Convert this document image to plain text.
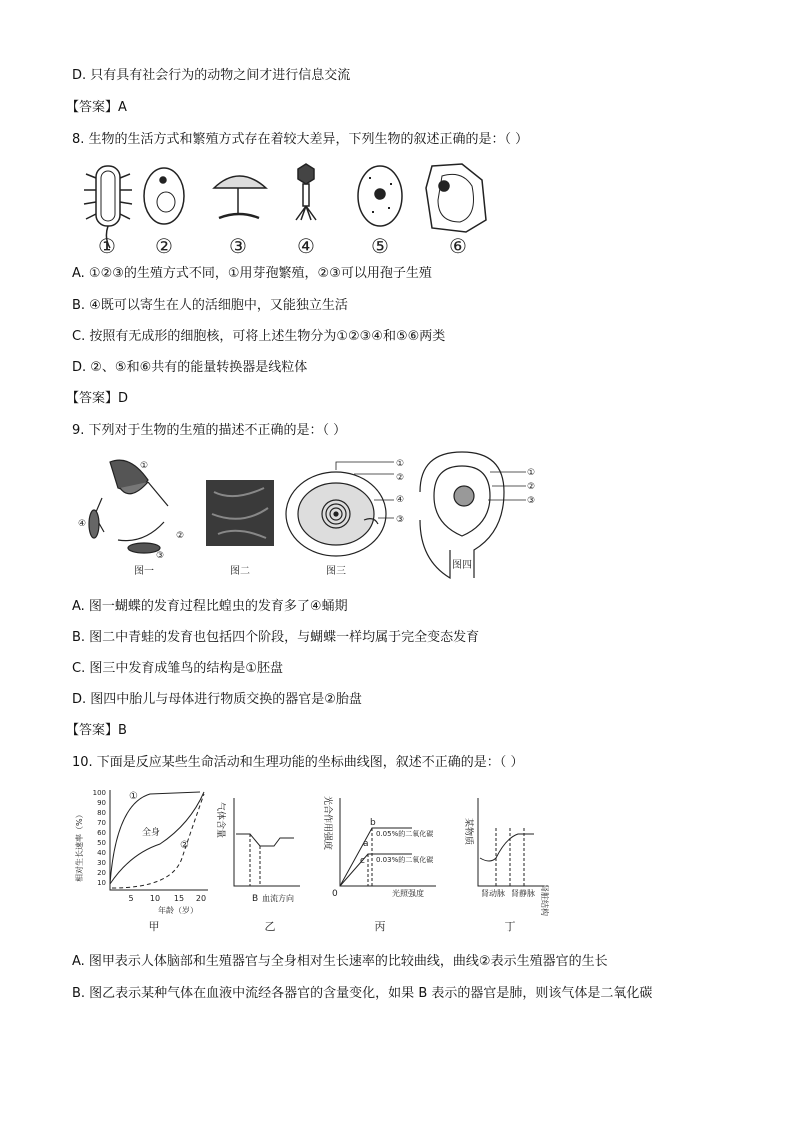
D. 只有具有社会行为的动物之间才进行信息交流
【答案】A
8. 生物的生活方式和繁殖方式存在着较大差异，下列生物的叙述正确的是：（ ）
① ②	③	④	⑤	⑥
A. ①②③的生殖方式不同，①用芽孢繁殖，②③可以用孢子生殖
B. ④既可以寄生在人的活细胞中，又能独立生活
C. 按照有无成形的细胞核，可将上述生物分为①②③④和⑤⑥两类
D. ②、⑤和⑥共有的能量转换器是线粒体
【答案】D
9. 下列对于生物的生殖的描述不正确的是：（ ）
①
②
③
④
①
②
④
③
①
②
③
图一	图二	图三
图四
A. 图一蝴蝶的发育过程比蝗虫的发育多了④蛹期
B. 图二中青蛙的发育也包括四个阶段，与蝴蝶一样均属于完全变态发育
C. 图三中发育成雏鸟的结构是①胚盘
D. 图四中胎儿与母体进行物质交换的器官是②胎盘
【答案】B
10. 下面是反应某些生命活动和生理功能的坐标曲线图，叙述不正确的是：（ ）
相对生长速率（%）
100
90
80
70
60
50
40
30
20
10
5 10 15 20
年龄（岁）
①
②
全身
甲
气体含量
B 血流方向
乙
光合作用强度	a
b
c
0
0.05%的二氧化碳
0.03%的二氧化碳
光照强度
丙
某物质
肾动脉 肾静脉 肾脏结构
丁
A. 图甲表示人体脑部和生殖器官与全身相对生长速率的比较曲线，曲线②表示生殖器官的生长
B. 图乙表示某种气体在血液中流经各器官的含量变化，如果 B 表示的器官是肺，则该气体是二氧化碳
